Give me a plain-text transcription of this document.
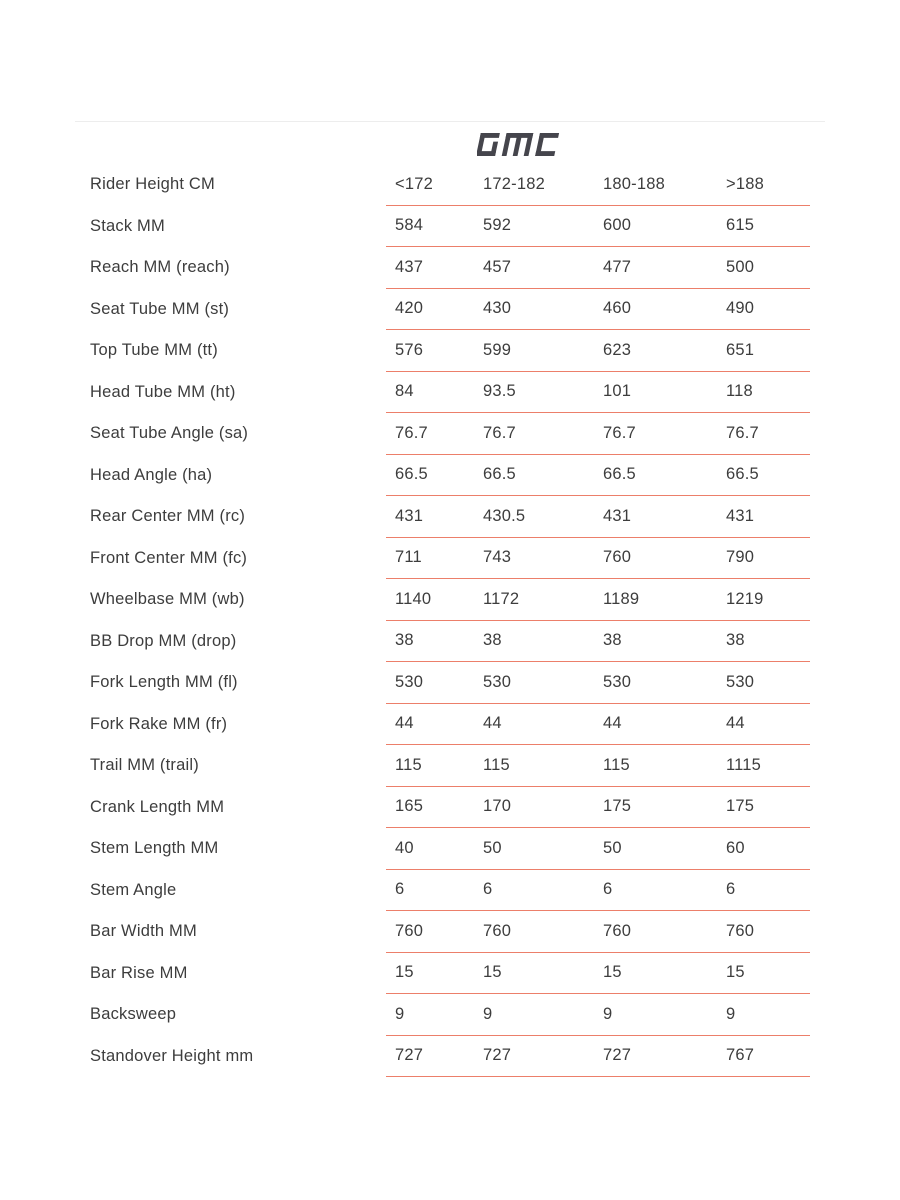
Rider Height CM	<172	172-182	180-188	>188
Stack MM	584	592	600	615
Reach MM (reach)	437	457	477	500
Seat Tube MM (st)	420	430	460	490
Top Tube MM (tt)	576	599	623	651
Head Tube MM (ht)	84	93.5	101	118
Seat Tube Angle (sa)	76.7	76.7	76.7	76.7
Head Angle (ha)	66.5	66.5	66.5	66.5
Rear Center MM (rc)	431	430.5	431	431
Front Center MM (fc)	711	743	760	790
Wheelbase MM (wb)	1140	1172	1189	1219
BB Drop MM (drop)	38	38	38	38
Fork Length MM (fl)	530	530	530	530
Fork Rake MM (fr)	44	44	44	44
Trail MM (trail)	115	115	115	1115
Crank Length MM	165	170	175	175
Stem Length MM	40	50	50	60
Stem Angle	6	6	6	6
Bar Width MM	760	760	760	760
Bar Rise MM	15	15	15	15
Backsweep	9	9	9	9
Standover Height mm	727	727	727	767
